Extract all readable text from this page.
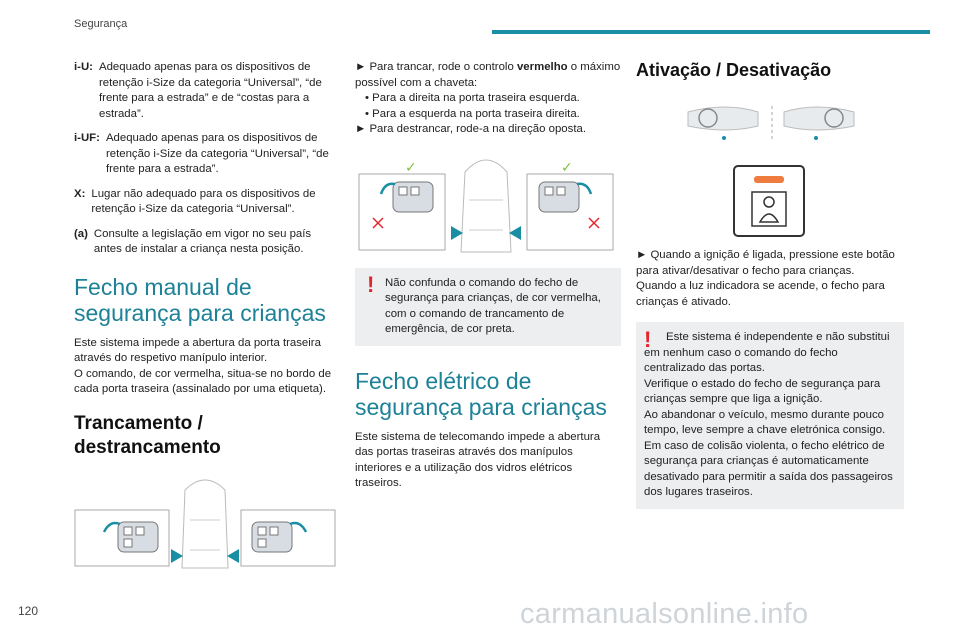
Segurança
i-U: Adequado apenas para os dispositivos de retenção i-Size da categoria “Universal”, “de frente para a estrada” e de “costas para a estrada”.
i-UF: Adequado apenas para os dispositivos de retenção i-Size da categoria “Universal”, “de frente para a estrada”.
X: Lugar não adequado para os dispositivos de retenção i-Size da categoria “Universal”.
(a) Consulte a legislação em vigor no seu país antes de instalar a criança nesta posição.
Fecho manual de segurança para crianças

Este sistema impede a abertura da porta traseira através do respetivo manípulo interior.

O comando, de cor vermelha, situa-se no bordo de cada porta traseira (assinalado por uma etiqueta).

Trancamento / destrancamento

► Para trancar, rode o controlo vermelho o máximo possível com a chaveta:

• Para a direita na porta traseira esquerda.
• Para a esquerda na porta traseira direita.

► Para destrancar, rode-a na direção oposta.

✓	✓
! Não confunda o comando do fecho de segurança para crianças, de cor vermelha, com o comando de trancamento de emergência, de cor preta.
Fecho elétrico de segurança para crianças

Este sistema de telecomando impede a abertura das portas traseiras através dos manípulos interiores e a utilização dos vidros elétricos traseiros.

Ativação / Desativação

► Quando a ignição é ligada, pressione este botão para ativar/desativar o fecho para crianças.

Quando a luz indicadora se acende, o fecho para crianças é ativado.

!	Este sistema é independente e não substitui em nenhum caso o comando do fecho centralizado das portas.
Verifique o estado do fecho de segurança para crianças sempre que liga a ignição.
Ao abandonar o veículo, mesmo durante pouco tempo, leve sempre a chave eletrónica consigo.
Em caso de colisão violenta, o fecho elétrico de segurança para crianças é automaticamente desativado para permitir a saída dos passageiros dos lugares traseiros.
120	carmanualsonline.info
